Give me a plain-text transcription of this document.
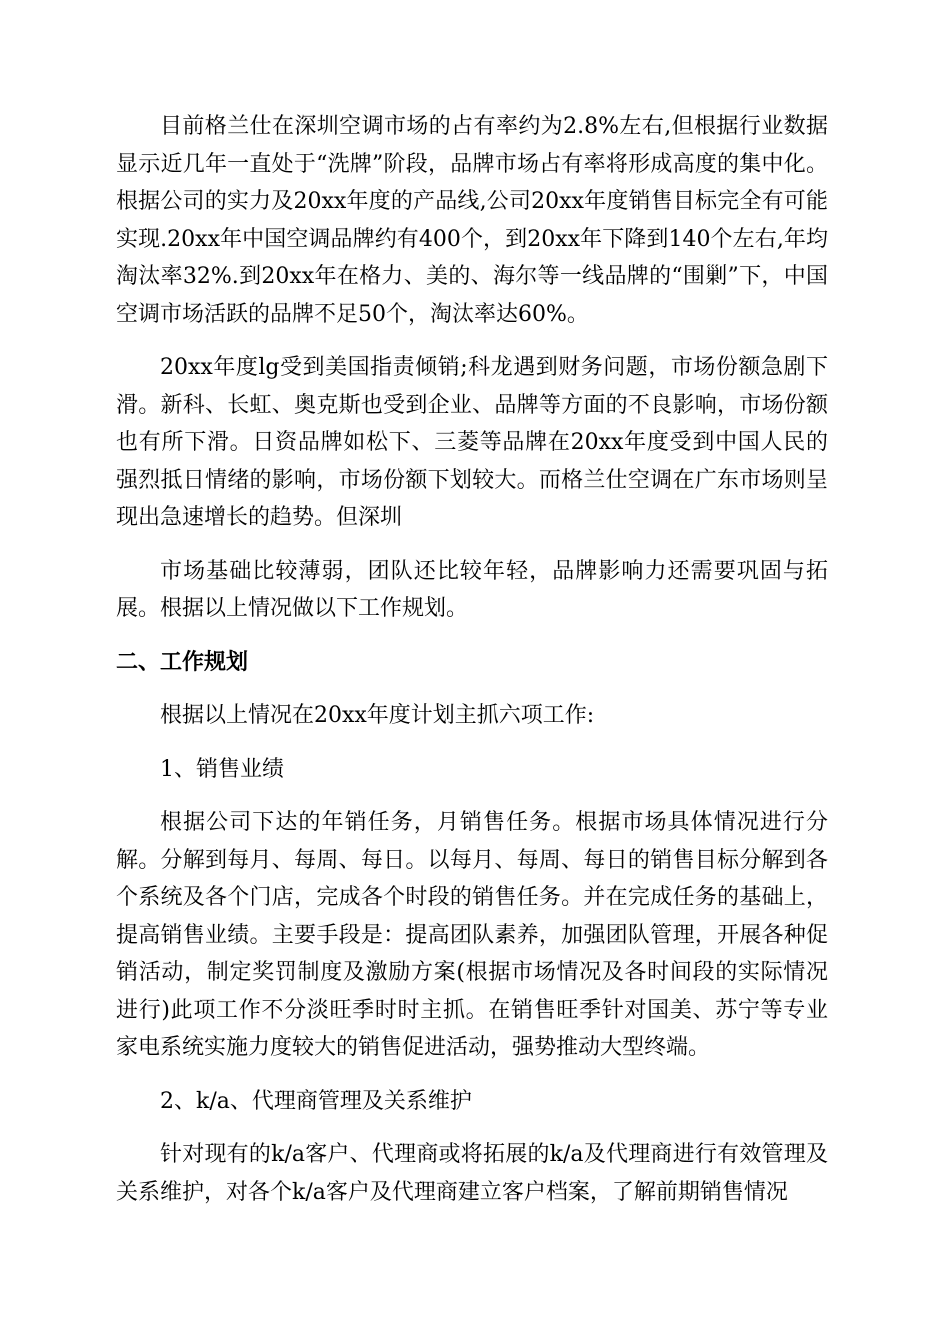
目前格兰仕在深圳空调市场的占有率约为2.8%左右,但根据行业数据显示近几年一直处于“洗牌”阶段，品牌市场占有率将形成高度的集中化。根据公司的实力及20xx年度的产品线,公司20xx年度销售目标完全有可能实现.20xx年中国空调品牌约有400个，到20xx年下降到140个左右,年均淘汰率32%.到20xx年在格力、美的、海尔等一线品牌的“围剿”下，中国空调市场活跃的品牌不足50个，淘汰率达60%。

20xx年度lg受到美国指责倾销;科龙遇到财务问题，市场份额急剧下滑。新科、长虹、奥克斯也受到企业、品牌等方面的不良影响，市场份额也有所下滑。日资品牌如松下、三菱等品牌在20xx年度受到中国人民的强烈抵日情绪的影响，市场份额下划较大。而格兰仕空调在广东市场则呈现出急速增长的趋势。但深圳

市场基础比较薄弱，团队还比较年轻，品牌影响力还需要巩固与拓展。根据以上情况做以下工作规划。

二、工作规划

根据以上情况在20xx年度计划主抓六项工作:

1、销售业绩

根据公司下达的年销任务，月销售任务。根据市场具体情况进行分解。分解到每月、每周、每日。以每月、每周、每日的销售目标分解到各个系统及各个门店，完成各个时段的销售任务。并在完成任务的基础上，提高销售业绩。主要手段是：提高团队素养，加强团队管理，开展各种促销活动，制定奖罚制度及激励方案(根据市场情况及各时间段的实际情况进行)此项工作不分淡旺季时时主抓。在销售旺季针对国美、苏宁等专业家电系统实施力度较大的销售促进活动，强势推动大型终端。

2、k/a、代理商管理及关系维护

针对现有的k/a客户、代理商或将拓展的k/a及代理商进行有效管理及关系维护，对各个k/a客户及代理商建立客户档案，了解前期销售情况
